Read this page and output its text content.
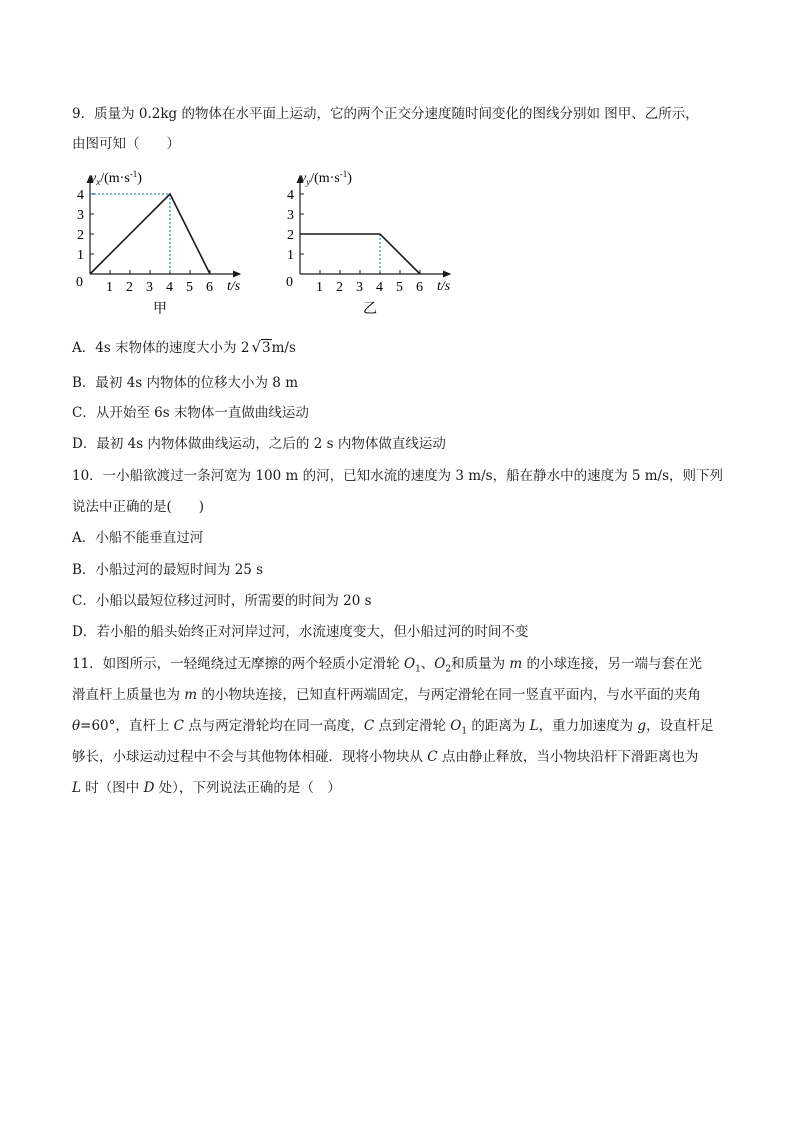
9．质量为 0.2kg 的物体在水平面上运动，它的两个正交分速度随时间变化的图线分别如 图甲、乙所示，
由图可知（　　）
$v_x/(m\cdot s^{-1})$
1 2 3 4 5 6
1
2
3
4
0	t/s
甲
$v_y/(m\cdot s^{-1})$
1 2 3 4 5 6
1
2
3
4
0	t/s
乙
A．4s 末物体的速度大小为 2 √3m/s
B．最初 4s 内物体的位移大小为 8 m
C．从开始至 6s 末物体一直做曲线运动
D．最初 4s 内物体做曲线运动，之后的 2 s 内物体做直线运动
10．一小船欲渡过一条河宽为 100 m 的河，已知水流的速度为 3 m/s，船在静水中的速度为 5 m/s，则下列
说法中正确的是(　　)
A．小船不能垂直过河
B．小船过河的最短时间为 25 s
C．小船以最短位移过河时，所需要的时间为 20 s
D．若小船的船头始终正对河岸过河，水流速度变大，但小船过河的时间不变
11．如图所示，一轻绳绕过无摩擦的两个轻质小定滑轮 $O_1$、$O_2$和质量为 m 的小球连接，另一端与套在光
滑直杆上质量也为 m 的小物块连接，已知直杆两端固定，与两定滑轮在同一竖直平面内，与水平面的夹角
θ=60°，直杆上 C 点与两定滑轮均在同一高度，C 点到定滑轮 $O_1$ 的距离为 L，重力加速度为 g，设直杆足
够长，小球运动过程中不会与其他物体相碰．现将小物块从 C 点由静止释放，当小物块沿杆下滑距离也为
L 时（图中 D 处），下列说法正确的是（　）
